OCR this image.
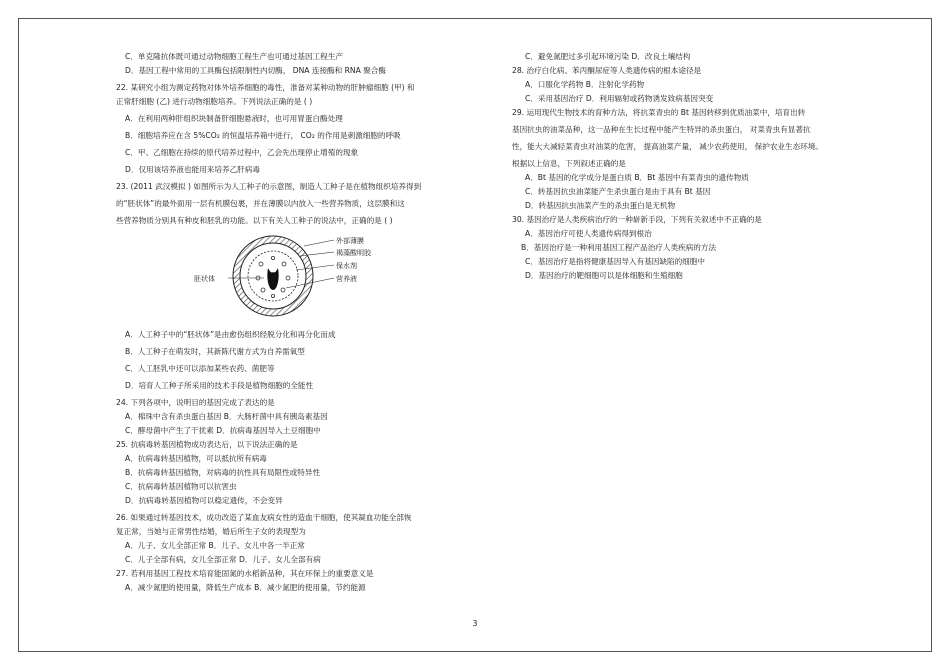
C．单克隆抗体既可通过动物细胞工程生产也可通过基因工程生产
D．基因工程中常用的工具酶包括限制性内切酶， DNA 连接酶和 RNA 聚合酶
22. 某研究小组为测定药物对体外培养细胞的毒性，准备对某种动物的肝肿瘤细胞 (甲) 和
正常肝细胞 (乙) 进行动物细胞培养。下列说法正确的是 ( )
A．在利用两种肝组织块制备肝细胞悬液时，也可用胃蛋白酶处理
B．细胞培养应在含 5%CO₂ 的恒温培养箱中进行， CO₂ 的作用是刺激细胞的呼吸
C．甲、乙细胞在持续的原代培养过程中，乙会先出现停止增殖的现象
D．仅用该培养液也能用来培养乙肝病毒
23. (2011 武汉模拟 ) 如图所示为人工种子的示意图，制造人工种子是在植物组织培养得到
的“胚状体”的最外面用一层有机膜包裹，并在薄膜以内放入一些营养物质，这层膜和这
些营养物质分别具有种皮和胚乳的功能。以下有关人工种子的说法中，正确的是 ( )
外部薄膜
褐藻酸明胶
保水剂
营养液
胚状体
A．人工种子中的“胚状体”是由愈伤组织经脱分化和再分化而成
B．人工种子在萌发时，其新陈代谢方式为自养需氧型
C．人工胚乳中还可以添加某些农药、菌肥等
D．培育人工种子所采用的技术手段是植物细胞的全能性
24. 下列各项中，说明目的基因完成了表达的是
A．棉珠中含有杀虫蛋白基因 B．大肠杆菌中具有胰岛素基因
C．酵母菌中产生了干扰素 D．抗病毒基因导入土豆细胞中
25. 抗病毒转基因植物成功表达后，以下说法正确的是
A．抗病毒转基因植物，可以抵抗所有病毒
B．抗病毒转基因植物，对病毒的抗性具有局限性或特异性
C．抗病毒转基因植物可以抗害虫
D．抗病毒转基因植物可以稳定遗传，不会变异
26. 如果通过转基因技术，成功改造了某血友病女性的造血干细胞，使其凝血功能全部恢
复正常，当她与正常男性结婚，婚后所生子女的表现型为
A．儿子、女儿全部正常 B．儿子、女儿中各一半正常
C．儿子全部有病，女儿全部正常 D．儿子、女儿全部有病
27. 若利用基因工程技术培育能固氮的水稻新品种，其在环保上的重要意义是
A．减少氮肥的使用量，降低生产成本 B．减少氮肥的使用量，节约能源
C．避免氮肥过多引起环境污染 D．改良土壤结构
28. 治疗白化病、苯丙酮尿症等人类遗传病的根本途径是
A．口服化学药物 B．注射化学药物
C．采用基因治疗 D．利用辐射或药物诱发致病基因突变
29. 运用现代生物技术的育种方法，将抗菜青虫的 Bt 基因转移到优质油菜中，培育出转
基因抗虫的油菜品种，这一品种在生长过程中能产生特异的杀虫蛋白， 对菜青虫有显著抗
性，能大大减轻菜青虫对油菜的危害， 提高油菜产量， 减少农药使用， 保护农业生态环境。
根据以上信息，下列叙述正确的是
A．Bt 基因的化学成分是蛋白质 B．Bt 基因中有菜青虫的遗传物质
C．转基因抗虫油菜能产生杀虫蛋白是由于具有 Bt 基因
D．转基因抗虫油菜产生的杀虫蛋白是无机物
30. 基因治疗是人类疾病治疗的一种崭新手段，下列有关叙述中不正确的是
A．基因治疗可使人类遗传病得到根治
B．基因治疗是一种利用基因工程产品治疗人类疾病的方法
C．基因治疗是指将健康基因导入有基因缺陷的细胞中
D．基因治疗的靶细胞可以是体细胞和生殖细胞
3
